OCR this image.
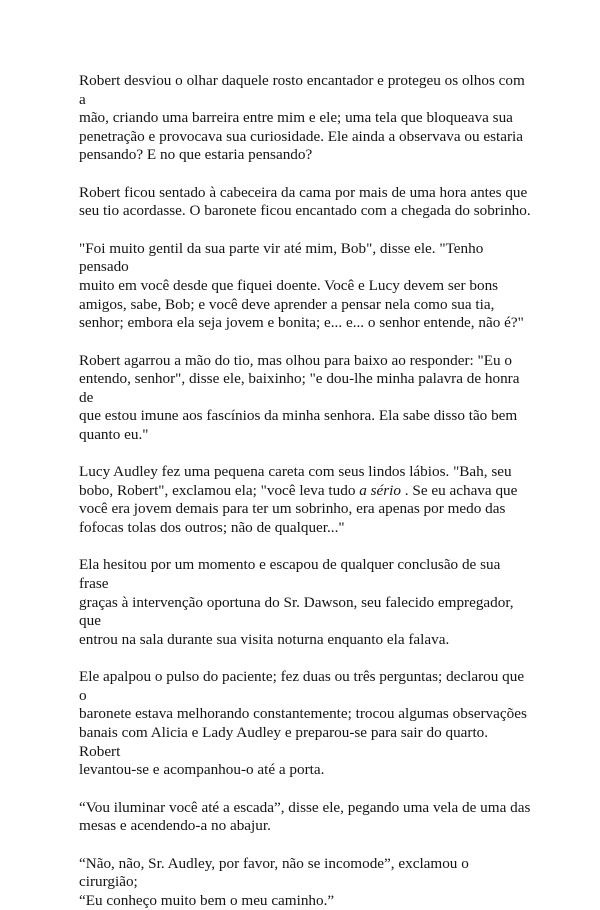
Robert desviou o olhar daquele rosto encantador e protegeu os olhos com a
mão, criando uma barreira entre mim e ele; uma tela que bloqueava sua
penetração e provocava sua curiosidade. Ele ainda a observava ou estaria
pensando? E no que estaria pensando?

Robert ficou sentado à cabeceira da cama por mais de uma hora antes que
seu tio acordasse. O baronete ficou encantado com a chegada do sobrinho.

"Foi muito gentil da sua parte vir até mim, Bob", disse ele. "Tenho pensado
muito em você desde que fiquei doente. Você e Lucy devem ser bons
amigos, sabe, Bob; e você deve aprender a pensar nela como sua tia,
senhor; embora ela seja jovem e bonita; e... e... o senhor entende, não é?"

Robert agarrou a mão do tio, mas olhou para baixo ao responder: "Eu o
entendo, senhor", disse ele, baixinho; "e dou-lhe minha palavra de honra de
que estou imune aos fascínios da minha senhora. Ela sabe disso tão bem
quanto eu."

Lucy Audley fez uma pequena careta com seus lindos lábios. "Bah, seu
bobo, Robert", exclamou ela; "você leva tudo a sério . Se eu achava que
você era jovem demais para ter um sobrinho, era apenas por medo das
fofocas tolas dos outros; não de qualquer..."

Ela hesitou por um momento e escapou de qualquer conclusão de sua frase
graças à intervenção oportuna do Sr. Dawson, seu falecido empregador, que
entrou na sala durante sua visita noturna enquanto ela falava.

Ele apalpou o pulso do paciente; fez duas ou três perguntas; declarou que o
baronete estava melhorando constantemente; trocou algumas observações
banais com Alicia e Lady Audley e preparou-se para sair do quarto. Robert
levantou-se e acompanhou-o até a porta.

“Vou iluminar você até a escada”, disse ele, pegando uma vela de uma das
mesas e acendendo-a no abajur.

“Não, não, Sr. Audley, por favor, não se incomode”, exclamou o cirurgião;
“Eu conheço muito bem o meu caminho.”
